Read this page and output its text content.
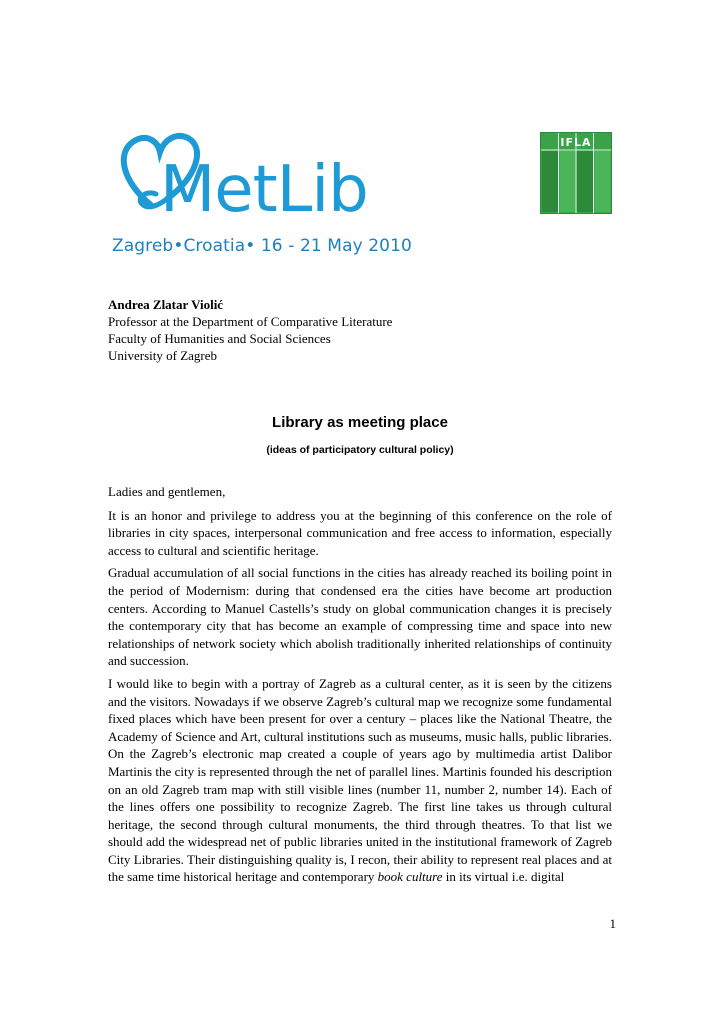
MetLib
Zagreb•Croatia• 16 - 21 May 2010
IFLA
Andrea Zlatar Violić
Professor at the Department of Comparative Literature
Faculty of Humanities and Social Sciences
University of Zagreb
Library as meeting place
(ideas of participatory cultural policy)

Ladies and gentlemen,

It is an honor and privilege to address you at the beginning of this conference on the role of libraries in city spaces, interpersonal communication and free access to information, especially access to cultural and scientific heritage.

Gradual accumulation of all social functions in the cities has already reached its boiling point in the period of Modernism: during that condensed era the cities have become art production centers. According to Manuel Castells’s study on global communication changes it is precisely the contemporary city that has become an example of compressing time and space into new relationships of network society which abolish traditionally inherited relationships of continuity and succession.

I would like to begin with a portray of Zagreb as a cultural center, as it is seen by the citizens and the visitors. Nowadays if we observe Zagreb’s cultural map we recognize some fundamental fixed places which have been present for over a century – places like the National Theatre, the Academy of Science and Art, cultural institutions such as museums, music halls, public libraries. On the Zagreb’s electronic map created a couple of years ago by multimedia artist Dalibor Martinis the city is represented through the net of parallel lines. Martinis founded his description on an old Zagreb tram map with still visible lines (number 11, number 2, number 14). Each of the lines offers one possibility to recognize Zagreb. The first line takes us through cultural heritage, the second through cultural monuments, the third through theatres. To that list we should add the widespread net of public libraries united in the institutional framework of Zagreb City Libraries. Their distinguishing quality is, I recon, their ability to represent real places and at the same time historical heritage and contemporary book culture in its virtual i.e. digital

1
